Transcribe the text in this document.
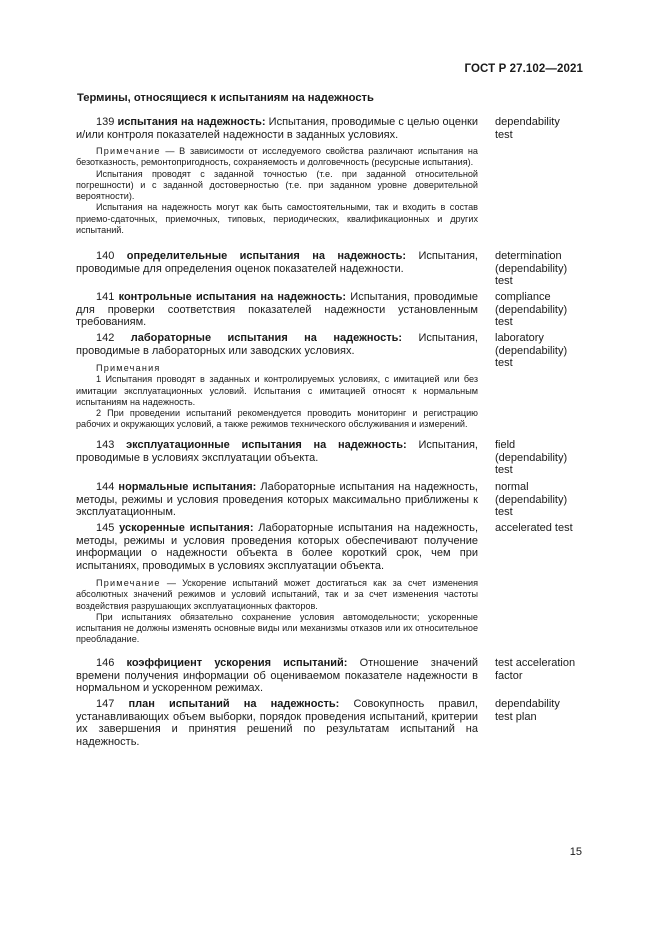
ГОСТ Р 27.102—2021
Термины, относящиеся к испытаниям на надежность

139 испытания на надежность: Испытания, проводимые с целью оценки и/или контроля показателей надежности в заданных условиях.

dependability
test

Примечание — В зависимости от исследуемого свойства различают испытания на безотказность, ремонтопригодность, сохраняемость и долговечность (ресурсные испытания).

Испытания проводят с заданной точностью (т.е. при заданной относительной погрешности) и с заданной достоверностью (т.е. при заданном уровне доверительной вероятности).

Испытания на надежность могут как быть самостоятельными, так и входить в состав приемо-сдаточных, приемочных, типовых, периодических, квалификационных и других испытаний.

140 определительные испытания на надежность: Испытания, проводимые для определения оценок показателей надежности.

determination
(dependability)
test

141 контрольные испытания на надежность: Испытания, проводимые для проверки соответствия показателей надежности установленным требованиям.

compliance
(dependability)
test

142 лабораторные испытания на надежность: Испытания, проводимые в лабораторных или заводских условиях.

laboratory
(dependability)
test

Примечания

1 Испытания проводят в заданных и контролируемых условиях, с имитацией или без имитации эксплуатационных условий. Испытания с имитацией относят к нормальным испытаниям на надежность.

2 При проведении испытаний рекомендуется проводить мониторинг и регистрацию рабочих и окружающих условий, а также режимов технического обслуживания и измерений.

143 эксплуатационные испытания на надежность: Испытания, проводимые в условиях эксплуатации объекта.

field
(dependability)
test

144 нормальные испытания: Лабораторные испытания на надежность, методы, режимы и условия проведения которых максимально приближены к эксплуатационным.

normal
(dependability)
test

145 ускоренные испытания: Лабораторные испытания на надежность, методы, режимы и условия проведения которых обеспечивают получение информации о надежности объекта в более короткий срок, чем при испытаниях, проводимых в условиях эксплуатации объекта.

accelerated test

Примечание — Ускорение испытаний может достигаться как за счет изменения абсолютных значений режимов и условий испытаний, так и за счет изменения частоты воздействия разрушающих эксплуатационных факторов.

При испытаниях обязательно сохранение условия автомодельности; ускоренные испытания не должны изменять основные виды или механизмы отказов или их относительное преобладание.

146 коэффициент ускорения испытаний: Отношение значений времени получения информации об оцениваемом показателе надежности в нормальном и ускоренном режимах.

test acceleration
factor

147 план испытаний на надежность: Совокупность правил, устанавливающих объем выборки, порядок проведения испытаний, критерии их завершения и принятия решений по результатам испытаний на надежность.

dependability
test plan
15
